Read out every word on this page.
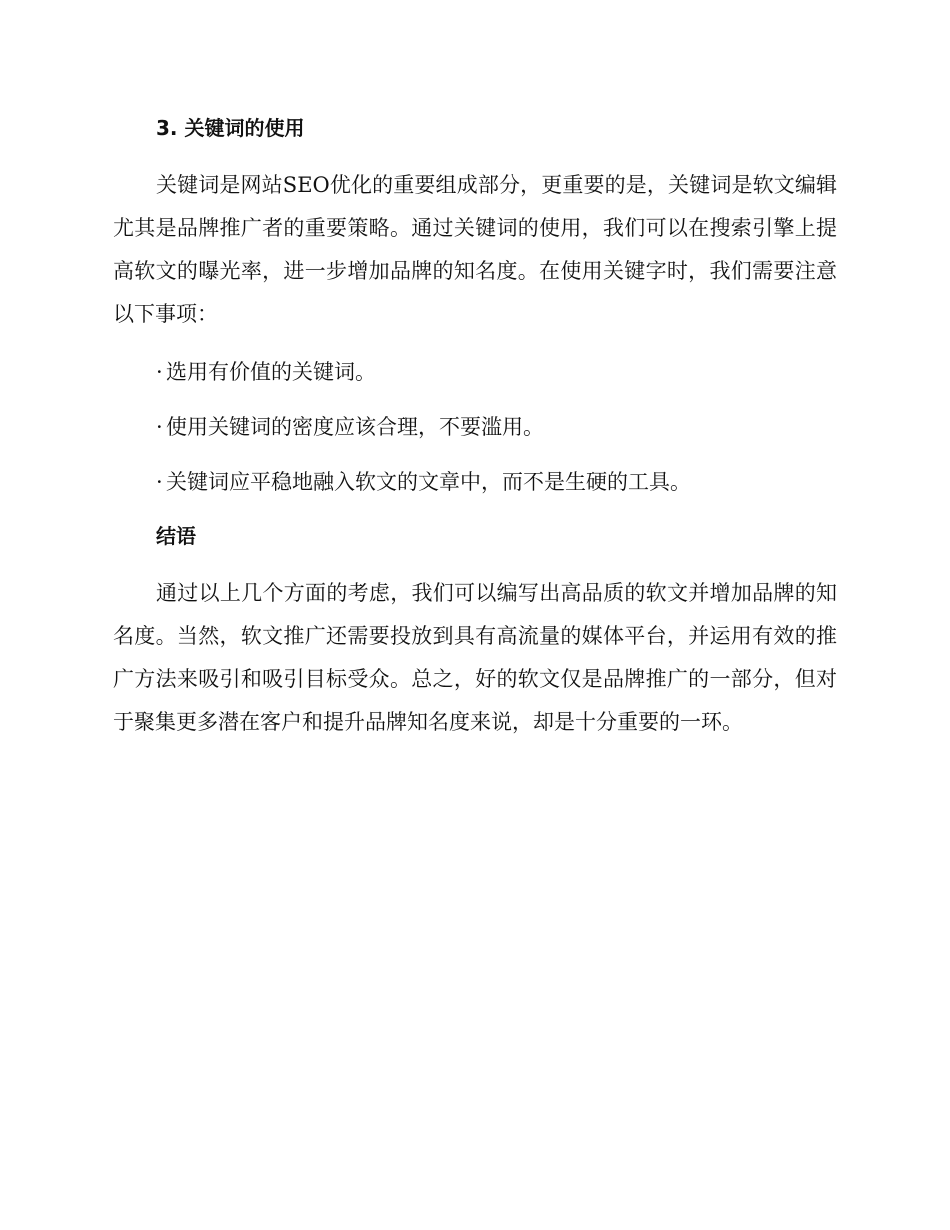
3. 关键词的使用

关键词是网站SEO优化的重要组成部分，更重要的是，关键词是软文编辑尤其是品牌推广者的重要策略。通过关键词的使用，我们可以在搜索引擎上提高软文的曝光率，进一步增加品牌的知名度。在使用关键字时，我们需要注意以下事项：

· 选用有价值的关键词。
· 使用关键词的密度应该合理，不要滥用。
· 关键词应平稳地融入软文的文章中，而不是生硬的工具。
结语

通过以上几个方面的考虑，我们可以编写出高品质的软文并增加品牌的知名度。当然，软文推广还需要投放到具有高流量的媒体平台，并运用有效的推广方法来吸引和吸引目标受众。总之，好的软文仅是品牌推广的一部分，但对于聚集更多潜在客户和提升品牌知名度来说，却是十分重要的一环。
